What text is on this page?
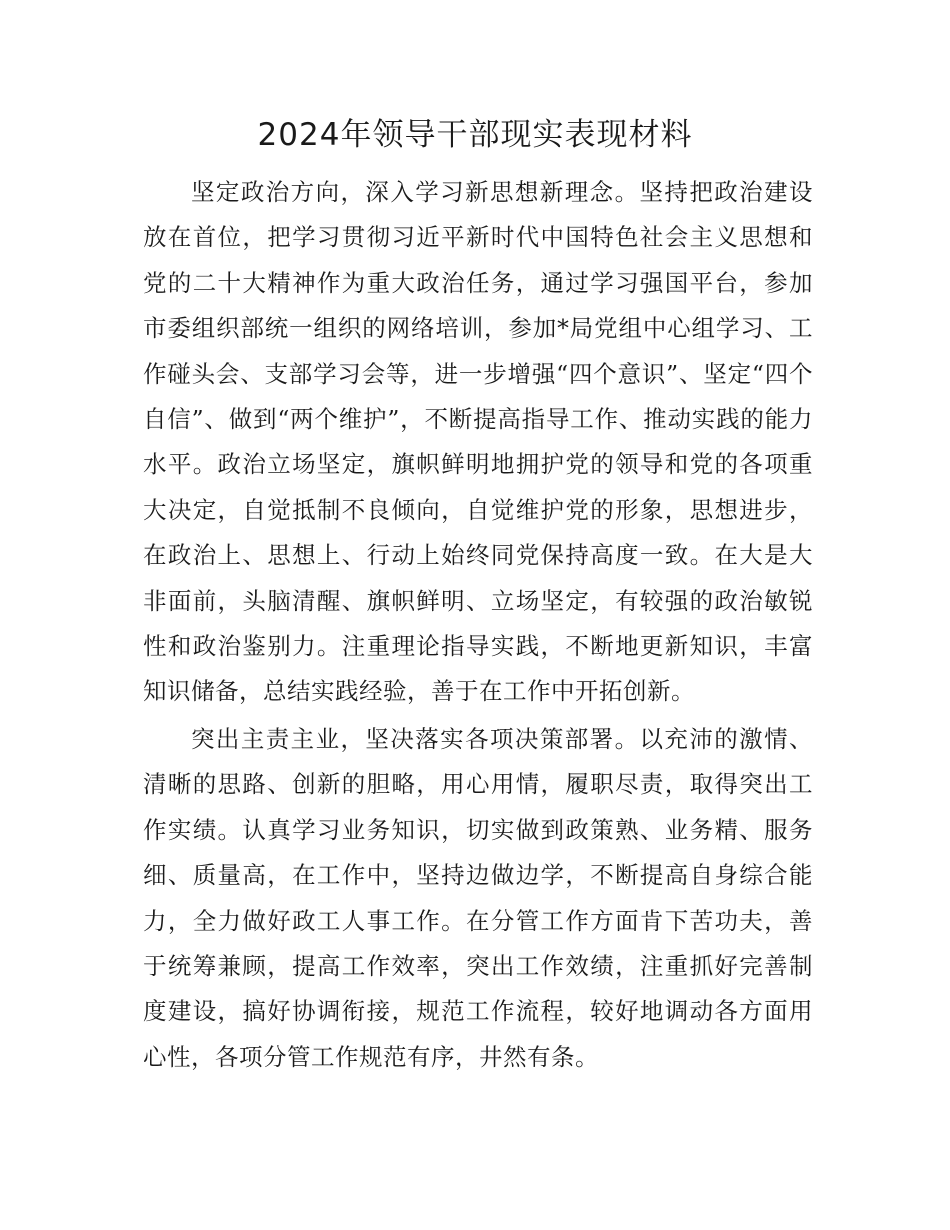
2024年领导干部现实表现材料

坚定政治方向，深入学习新思想新理念。坚持把政治建设放在首位，把学习贯彻习近平新时代中国特色社会主义思想和党的二十大精神作为重大政治任务，通过学习强国平台，参加市委组织部统一组织的网络培训，参加*局党组中心组学习、工作碰头会、支部学习会等，进一步增强“四个意识”、坚定“四个自信”、做到“两个维护”，不断提高指导工作、推动实践的能力水平。政治立场坚定，旗帜鲜明地拥护党的领导和党的各项重大决定，自觉抵制不良倾向，自觉维护党的形象，思想进步，在政治上、思想上、行动上始终同党保持高度一致。在大是大非面前，头脑清醒、旗帜鲜明、立场坚定，有较强的政治敏锐性和政治鉴别力。注重理论指导实践，不断地更新知识，丰富知识储备，总结实践经验，善于在工作中开拓创新。

突出主责主业，坚决落实各项决策部署。以充沛的激情、清晰的思路、创新的胆略，用心用情，履职尽责，取得突出工作实绩。认真学习业务知识，切实做到政策熟、业务精、服务细、质量高，在工作中，坚持边做边学，不断提高自身综合能力，全力做好政工人事工作。在分管工作方面肯下苦功夫，善于统筹兼顾，提高工作效率，突出工作效绩，注重抓好完善制度建设，搞好协调衔接，规范工作流程，较好地调动各方面用心性，各项分管工作规范有序，井然有条。
